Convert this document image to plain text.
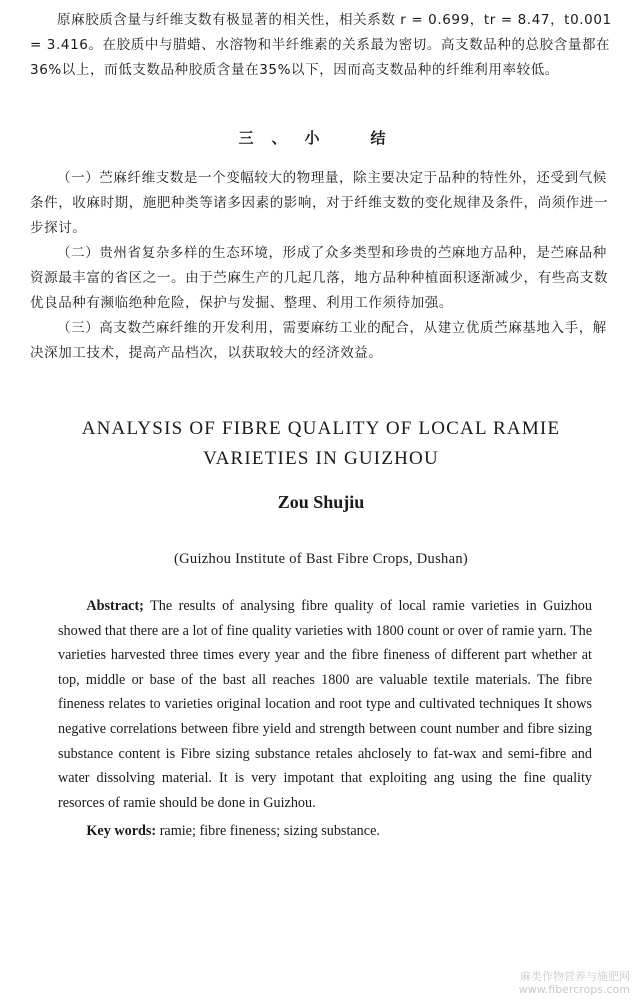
原麻胶质含量与纤维支数有极显著的相关性，相关系数 r = 0.699，tr = 8.47，t0.001 = 3.416。在胶质中与腊蜡、水溶物和半纤维素的关系最为密切。高支数品种的总胶含量都在36%以上，而低支数品种胶质含量在35%以下，因而高支数品种的纤维利用率较低。

三、小　结

（一）苎麻纤维支数是一个变幅较大的物理量，除主要决定于品种的特性外，还受到气候条件，收麻时期，施肥种类等诸多因素的影响，对于纤维支数的变化规律及条件，尚须作进一步探讨。

（二）贵州省复杂多样的生态环境，形成了众多类型和珍贵的苎麻地方品种，是苎麻品种资源最丰富的省区之一。由于苎麻生产的几起几落，地方品种种植面积逐渐减少，有些高支数优良品种有濒临绝种危险，保护与发掘、整理、利用工作须待加强。

（三）高支数苎麻纤维的开发利用，需要麻纺工业的配合，从建立优质苎麻基地入手，解决深加工技术，提高产品档次，以获取较大的经济效益。

ANALYSIS OF FIBRE QUALITY OF LOCAL RAMIE VARIETIES IN GUIZHOU
Zou Shujiu
(Guizhou Institute of Bast Fibre Crops, Dushan)

Abstract; The results of analysing fibre quality of local ramie varieties in Guizhou showed that there are a lot of fine quality varieties with 1800 count or over of ramie yarn. The varieties harvested three times every year and the fibre fineness of different part whether at top, middle or base of the bast all reaches 1800 are valuable textile materials. The fibre fineness relates to varieties original location and root type and cultivated techniques It shows negative correlations between fibre yield and strength between count number and fibre sizing substance content is Fibre sizing substance retales ahclosely to fat-wax and semi-fibre and water dissolving material. It is very impotant that exploiting ang using the fine quality resorces of ramie should be done in Guizhou.

Key words: ramie; fibre fineness; sizing substance.

麻类作物营养与施肥网
www.fibercrops.com
